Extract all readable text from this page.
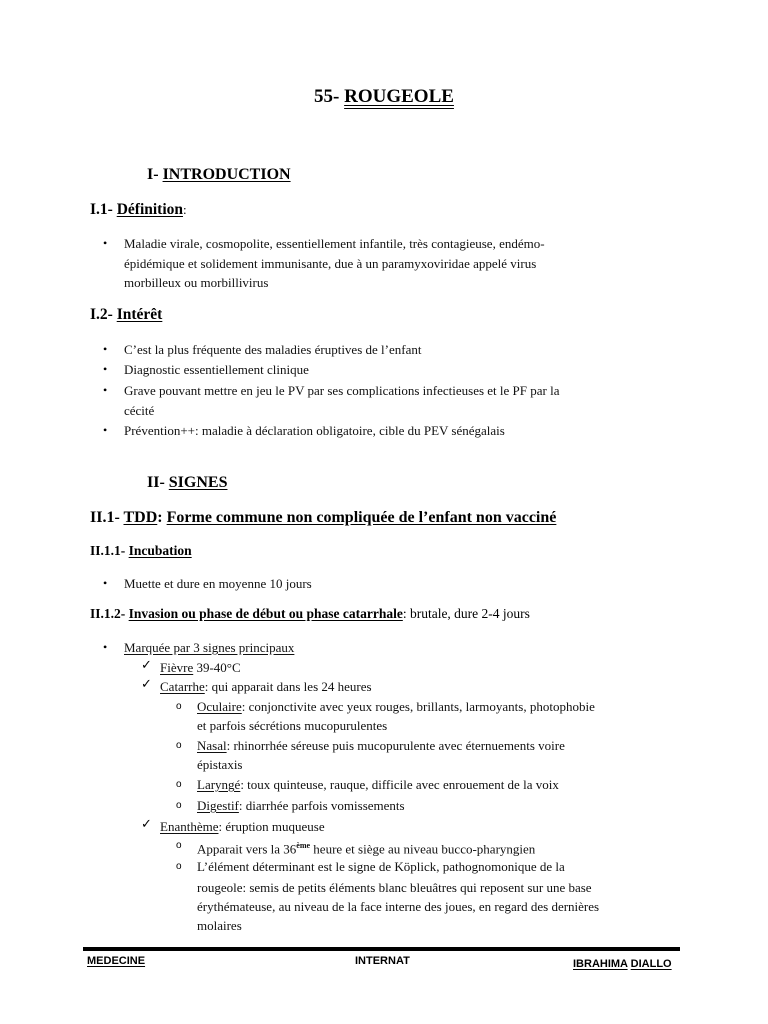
55- ROUGEOLE
I- INTRODUCTION
I.1- Définition:
• Maladie virale, cosmopolite, essentiellement infantile, très contagieuse, endémo-
épidémique et solidement immunisante, due à un paramyxoviridae appelé virus
morbilleux ou morbillivirus
I.2- Intérêt
• C’est la plus fréquente des maladies éruptives de l’enfant
• Diagnostic essentiellement clinique
• Grave pouvant mettre en jeu le PV par ses complications infectieuses et le PF par la
cécité
• Prévention++: maladie à déclaration obligatoire, cible du PEV sénégalais
II- SIGNES
II.1- TDD: Forme commune non compliquée de l’enfant non vacciné
II.1.1- Incubation
• Muette et dure en moyenne 10 jours
II.1.2- Invasion ou phase de début ou phase catarrhale: brutale, dure 2-4 jours
• Marquée par 3 signes principaux
✓ Fièvre 39-40°C
✓ Catarrhe: qui apparait dans les 24 heures
o Oculaire: conjonctivite avec yeux rouges, brillants, larmoyants, photophobie
et parfois sécrétions mucopurulentes
o Nasal: rhinorrhée séreuse puis mucopurulente avec éternuements voire
épistaxis
o Laryngé: toux quinteuse, rauque, difficile avec enrouement de la voix
o Digestif: diarrhée parfois vomissements
✓ Enanthème: éruption muqueuse
o Apparait vers la 36ème heure et siège au niveau bucco-pharyngien
o L’élément déterminant est le signe de Köplick, pathognomonique de la
rougeole: semis de petits éléments blanc bleuâtres qui reposent sur une base
érythémateuse, au niveau de la face interne des joues, en regard des dernières
molaires
MEDECINE	INTERNAT	IBRAHIMA DIALLO
